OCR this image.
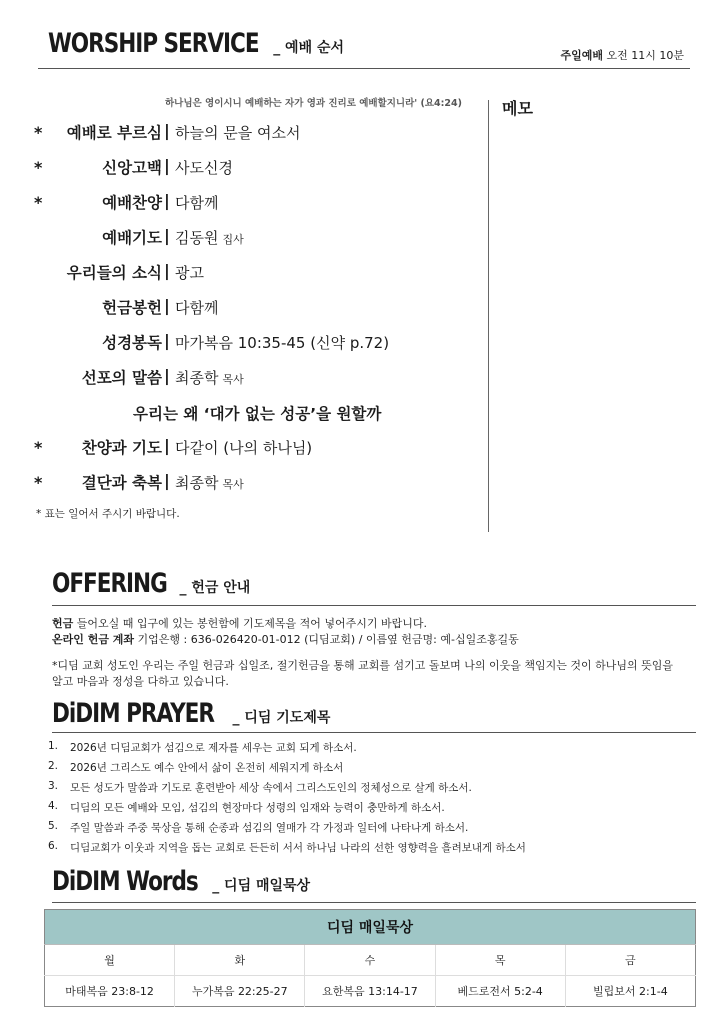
WORSHIP SERVICE _ 예배 순서	주일예배 오전 11시 10분
하나님은 영이시니 예배하는 자가 영과 진리로 예배할지니라' (요4:24)	메모
* 예배로 부르심 | 하늘의 문을 여소서
*	신앙고백 | 사도신경
*	예배찬양 | 다함께
예배기도 | 김동원 집사
우리들의 소식 | 광고
헌금봉헌 | 다함께
성경봉독 | 마가복음 10:35-45 (신약 p.72)
선포의 말씀 | 최종학 목사
*	찬양과 기도 | 다같이 (나의 하나님)
*	결단과 축복 | 최종학 목사
우리는 왜 ‘대가 없는 성공’을 원할까
* 표는 일어서 주시기 바랍니다.
OFFERING _ 헌금 안내
헌금 들어오실 때 입구에 있는 봉헌함에 기도제목을 적어 넣어주시기 바랍니다.
온라인 헌금 계좌 기업은행 : 636-026420-01-012 (디딤교회) / 이름옆 헌금명: 예-십일조홍길동
*디딤 교회 성도인 우리는 주일 헌금과 십일조, 절기헌금을 통해 교회를 섬기고 돌보며 나의 이웃을 책임지는 것이 하나님의 뜻임을
알고 마음과 정성을 다하고 있습니다.
DiDIM PRAYER _ 디딤 기도제목
1.	2026년 디딤교회가 섬김으로 제자를 세우는 교회 되게 하소서.
2.	2026년 그리스도 예수 안에서 삶이 온전히 세워지게 하소서
3.	모든 성도가 말씀과 기도로 훈련받아 세상 속에서 그리스도인의 정체성으로 살게 하소서.
4.	디딤의 모든 예배와 모임, 섬김의 현장마다 성령의 임재와 능력이 충만하게 하소서.
5.	주일 말씀과 주중 묵상을 통해 순종과 섬김의 열매가 각 가정과 일터에 나타나게 하소서.
6.	디딤교회가 이웃과 지역을 돕는 교회로 든든히 서서 하나님 나라의 선한 영향력을 흘려보내게 하소서
DiDIM Words _ 디딤 매일묵상
디딤 매일묵상				
월	화	수	목	금
마태복음 23:8-12	누가복음 22:25-27	요한복음 13:14-17	베드로전서 5:2-4	빌립보서 2:1-4
